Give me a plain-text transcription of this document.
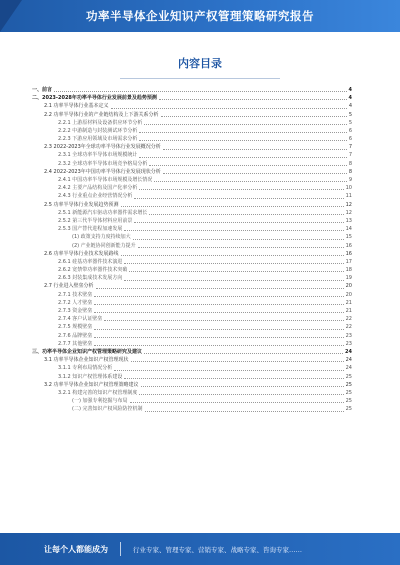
功率半导体企业知识产权管理策略研究报告
内容目录
一、前言	4
二、2023-2028年功率半导体行业发展前景及趋势预测	4
2.1 功率半导体行业基本定义	4
2.2 功率半导体行业的产业链结构及上下游关系分析	5
2.2.1 上游原材料及设备供应环节分析	5
2.2.2 中游制造与封装测试环节分析	6
2.2.3 下游应用领域及市场需求分析	6
2.3 2022-2023年全球功率半导体行业发展概况分析	7
2.3.1 全球功率半导体市场规模统计	7
2.3.2 全球功率半导体市场竞争格局分析	8
2.4 2022-2023年中国功率半导体行业发展现状分析	8
2.4.1 中国功率半导体市场规模及增长情况	9
2.4.2 主要产品结构及国产化率分析	10
2.4.3 行业重点企业经营情况分析	11
2.5 功率半导体行业发展趋势预测	12
2.5.1 新能源汽车驱动功率器件需求增长	12
2.5.2 第三代半导体材料应用前景	13
2.5.3 国产替代进程加速发展	14
(1) 政策支持力度持续加大	15
(2) 产业链协同创新能力提升	16
2.6 功率半导体行业技术发展路线	16
2.6.1 硅基功率器件技术演进	17
2.6.2 宽禁带功率器件技术突破	18
2.6.3 封装集成技术发展方向	19
2.7 行业进入壁垒分析	20
2.7.1 技术壁垒	20
2.7.2 人才壁垒	21
2.7.3 资金壁垒	21
2.7.4 客户认证壁垒	22
2.7.5 规模壁垒	22
2.7.6 品牌壁垒	23
2.7.7 其他壁垒	23
三、功率半导体企业知识产权管理策略研究及建议	24
3.1 功率半导体企业知识产权管理现状	24
3.1.1 专利布局情况分析	24
3.1.2 知识产权管理体系建设	25
3.2 功率半导体企业知识产权管理策略建议	25
3.2.1 构建完善的知识产权管理制度	25
(一) 加强专利挖掘与布局	25
(二) 完善知识产权风险防控机制	25
让每个人都能成为	行业专家、管理专家、营销专家、战略专家、咨询专家……
